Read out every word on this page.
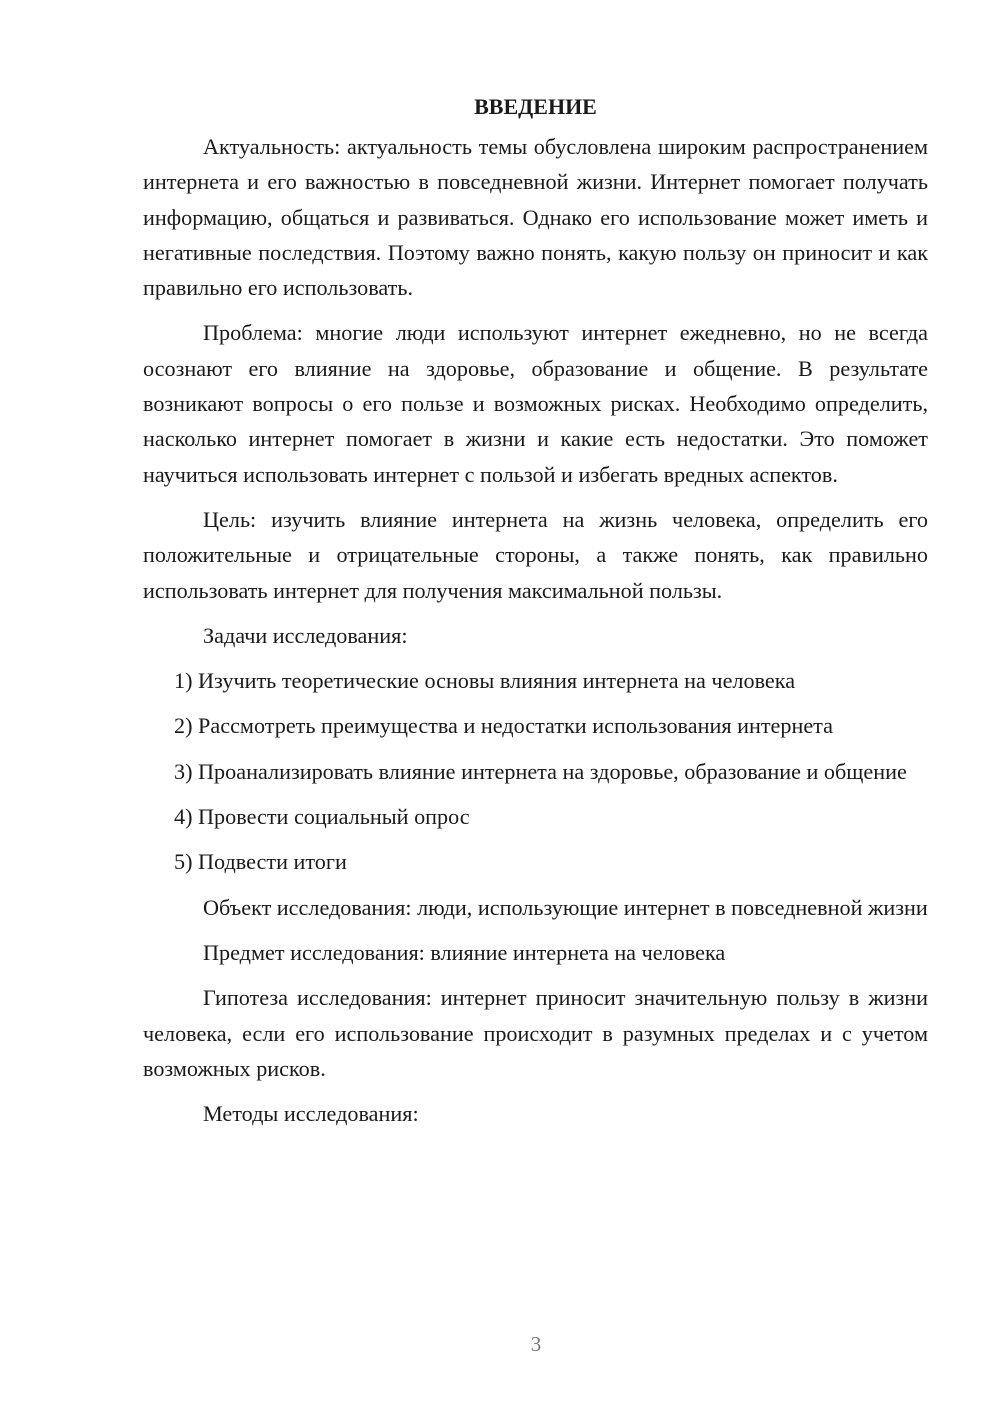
ВВЕДЕНИЕ

Актуальность: актуальность темы обусловлена широким распространением интернета и его важностью в повседневной жизни. Интернет помогает получать информацию, общаться и развиваться. Однако его использование может иметь и негативные последствия. Поэтому важно понять, какую пользу он приносит и как правильно его использовать.

Проблема: многие люди используют интернет ежедневно, но не всегда осознают его влияние на здоровье, образование и общение. В результате возникают вопросы о его пользе и возможных рисках. Необходимо определить, насколько интернет помогает в жизни и какие есть недостатки. Это поможет научиться использовать интернет с пользой и избегать вредных аспектов.

Цель: изучить влияние интернета на жизнь человека, определить его положительные и отрицательные стороны, а также понять, как правильно использовать интернет для получения максимальной пользы.

Задачи исследования:

1) Изучить теоретические основы влияния интернета на человека

2) Рассмотреть преимущества и недостатки использования интернета

3) Проанализировать влияние интернета на здоровье, образование и общение

4) Провести социальный опрос

5) Подвести итоги

Объект исследования: люди, использующие интернет в повседневной жизни

Предмет исследования: влияние интернета на человека

Гипотеза исследования: интернет приносит значительную пользу в жизни человека, если его использование происходит в разумных пределах и с учетом возможных рисков.

Методы исследования:

3
